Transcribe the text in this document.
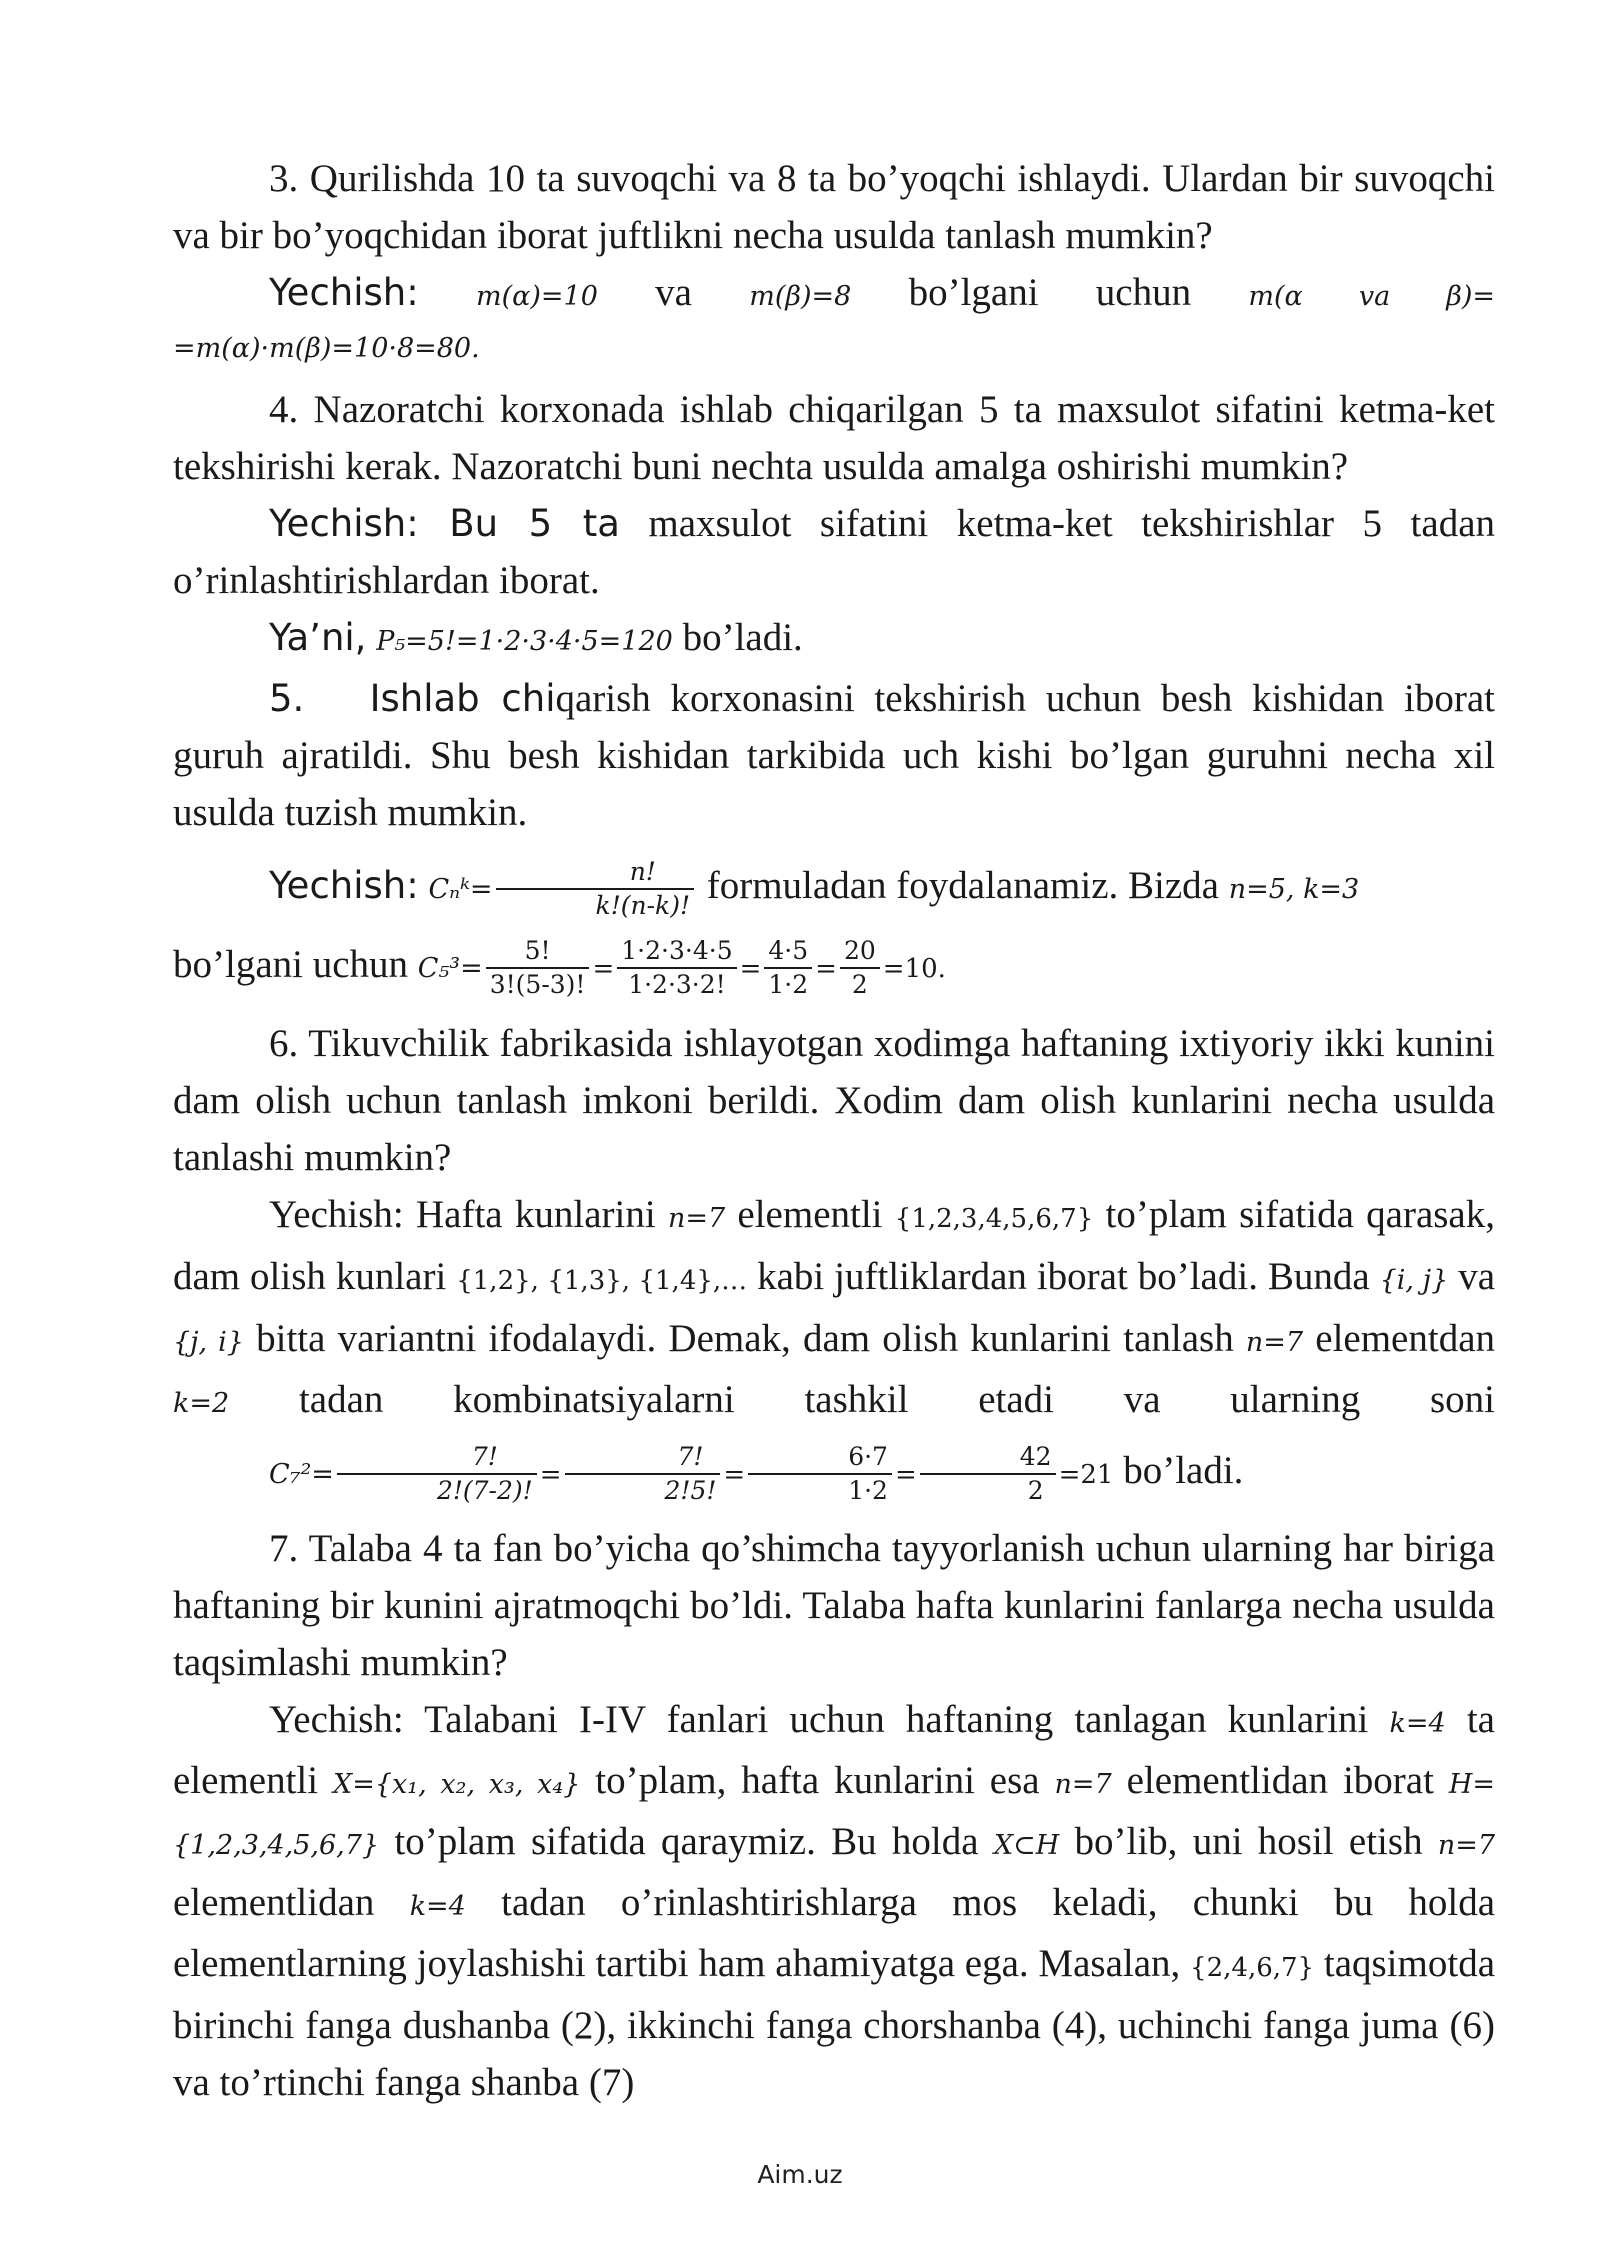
3. Qurilishda 10 ta suvoqchi va 8 ta bo’yoqchi ishlaydi. Ulardan bir suvoqchi va bir bo’yoqchidan iborat juftlikni necha usulda tanlash mumkin?

Yechish: m(α)=10 va m(β)=8 bo’lgani uchun m(α va β)=

=m(α)·m(β)=10·8=80.

4. Nazoratchi korxonada ishlab chiqarilgan 5 ta maxsulot sifatini ketma-ket tekshirishi kerak. Nazoratchi buni nechta usulda amalga oshirishi mumkin?

Yechish: Bu 5 ta maxsulot sifatini ketma-ket tekshirishlar 5 tadan o’rinlashtirishlardan iborat.

Ya’ni, P₅=5!=1·2·3·4·5=120 bo’ladi.

5.   Ishlab chiqarish korxonasini tekshirish uchun besh kishidan iborat guruh ajratildi. Shu besh kishidan tarkibida uch kishi bo’lgan guruhni necha xil usulda tuzish mumkin.

Yechish: Cₙᵏ= $\frac{n!}{k!(n-k)!}$ formuladan foydalanamiz. Bizda n=5, k=3

bo’lgani uchun $C_5^3= \frac{5!}{3!(5-3)!} = \frac{1\cdot 2\cdot 3\cdot 4\cdot 5}{1\cdot 2\cdot 3\cdot 2!} = \frac{4\cdot 5}{1\cdot 2} = \frac{20}{2} =10$.

6. Tikuvchilik fabrikasida ishlayotgan xodimga haftaning ixtiyoriy ikki kunini dam olish uchun tanlash imkoni berildi. Xodim dam olish kunlarini necha usulda tanlashi mumkin?

Yechish: Hafta kunlarini n=7 elementli {1,2,3,4,5,6,7} to’plam sifatida qarasak, dam olish kunlari {1,2}, {1,3}, {1,4},… kabi juftliklardan iborat bo’ladi. Bunda {i, j} va {j, i} bitta variantni ifodalaydi. Demak, dam olish kunlarini tanlash n=7 elementdan k=2 tadan kombinatsiyalarni tashkil etadi va ularning soni $C_7^2= \frac{7!}{2!(7-2)!} = \frac{7!}{2!5!} = \frac{6\cdot 7}{1\cdot 2} = \frac{42}{2} =21$ bo’ladi.

7. Talaba 4 ta fan bo’yicha qo’shimcha tayyorlanish uchun ularning har biriga haftaning bir kunini ajratmoqchi bo’ldi. Talaba hafta kunlarini fanlarga necha usulda taqsimlashi mumkin?

Yechish: Talabani I-IV fanlari uchun haftaning tanlagan kunlarini k=4 ta elementli X={x₁, x₂, x₃, x₄} to’plam, hafta kunlarini esa n=7 elementlidan iborat H={1,2,3,4,5,6,7} to’plam sifatida qaraymiz. Bu holda X⊂H bo’lib, uni hosil etish n=7 elementlidan k=4 tadan o’rinlashtirishlarga mos keladi, chunki bu holda elementlarning joylashishi tartibi ham ahamiyatga ega. Masalan, {2,4,6,7} taqsimotda birinchi fanga dushanba (2), ikkinchi fanga chorshanba (4), uchinchi fanga juma (6) va to’rtinchi fanga shanba (7)

Aim.uz
